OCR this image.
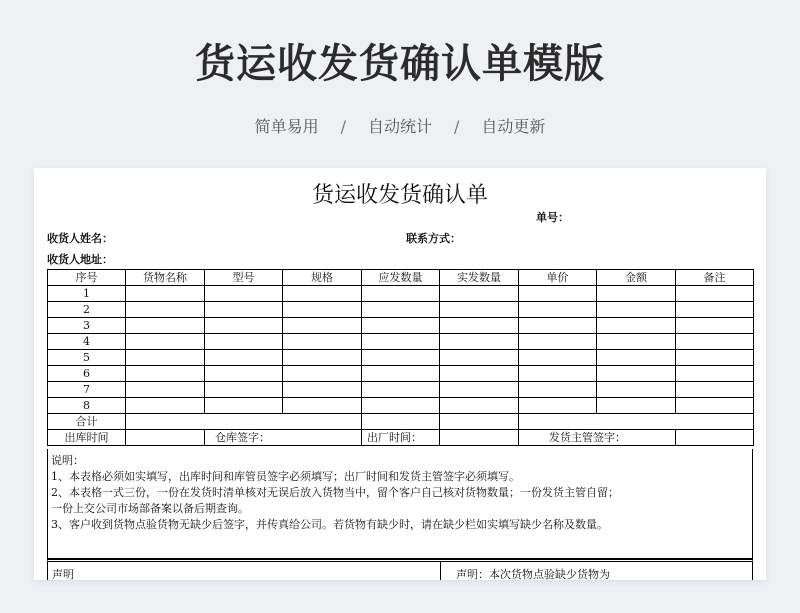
货运收发货确认单模版
简单易用 / 自动统计 / 自动更新
货运收发货确认单
单号：
收货人姓名：	联系方式：
收货人地址：
序号	货物名称	型号	规格	应发数量	实发数量	单价	金额	备注
1								
2								
3								
4								
5								
6								
7								
8								
合计								
出库时间		仓库签字：		出厂时间：		发货主管签字：		
说明：
1、本表格必须如实填写，出库时间和库管员签字必须填写；出厂时间和发货主管签字必须填写。
2、本表格一式三份，一份在发货时清单核对无误后放入货物当中，留个客户自己核对货物数量；一份发货主管自留；
一份上交公司市场部备案以备后期查询。
3、客户收到货物点验货物无缺少后签字，并传真给公司。若货物有缺少时，请在缺少栏如实填写缺少名称及数量。
声明	声明：本次货物点验缺少货物为
